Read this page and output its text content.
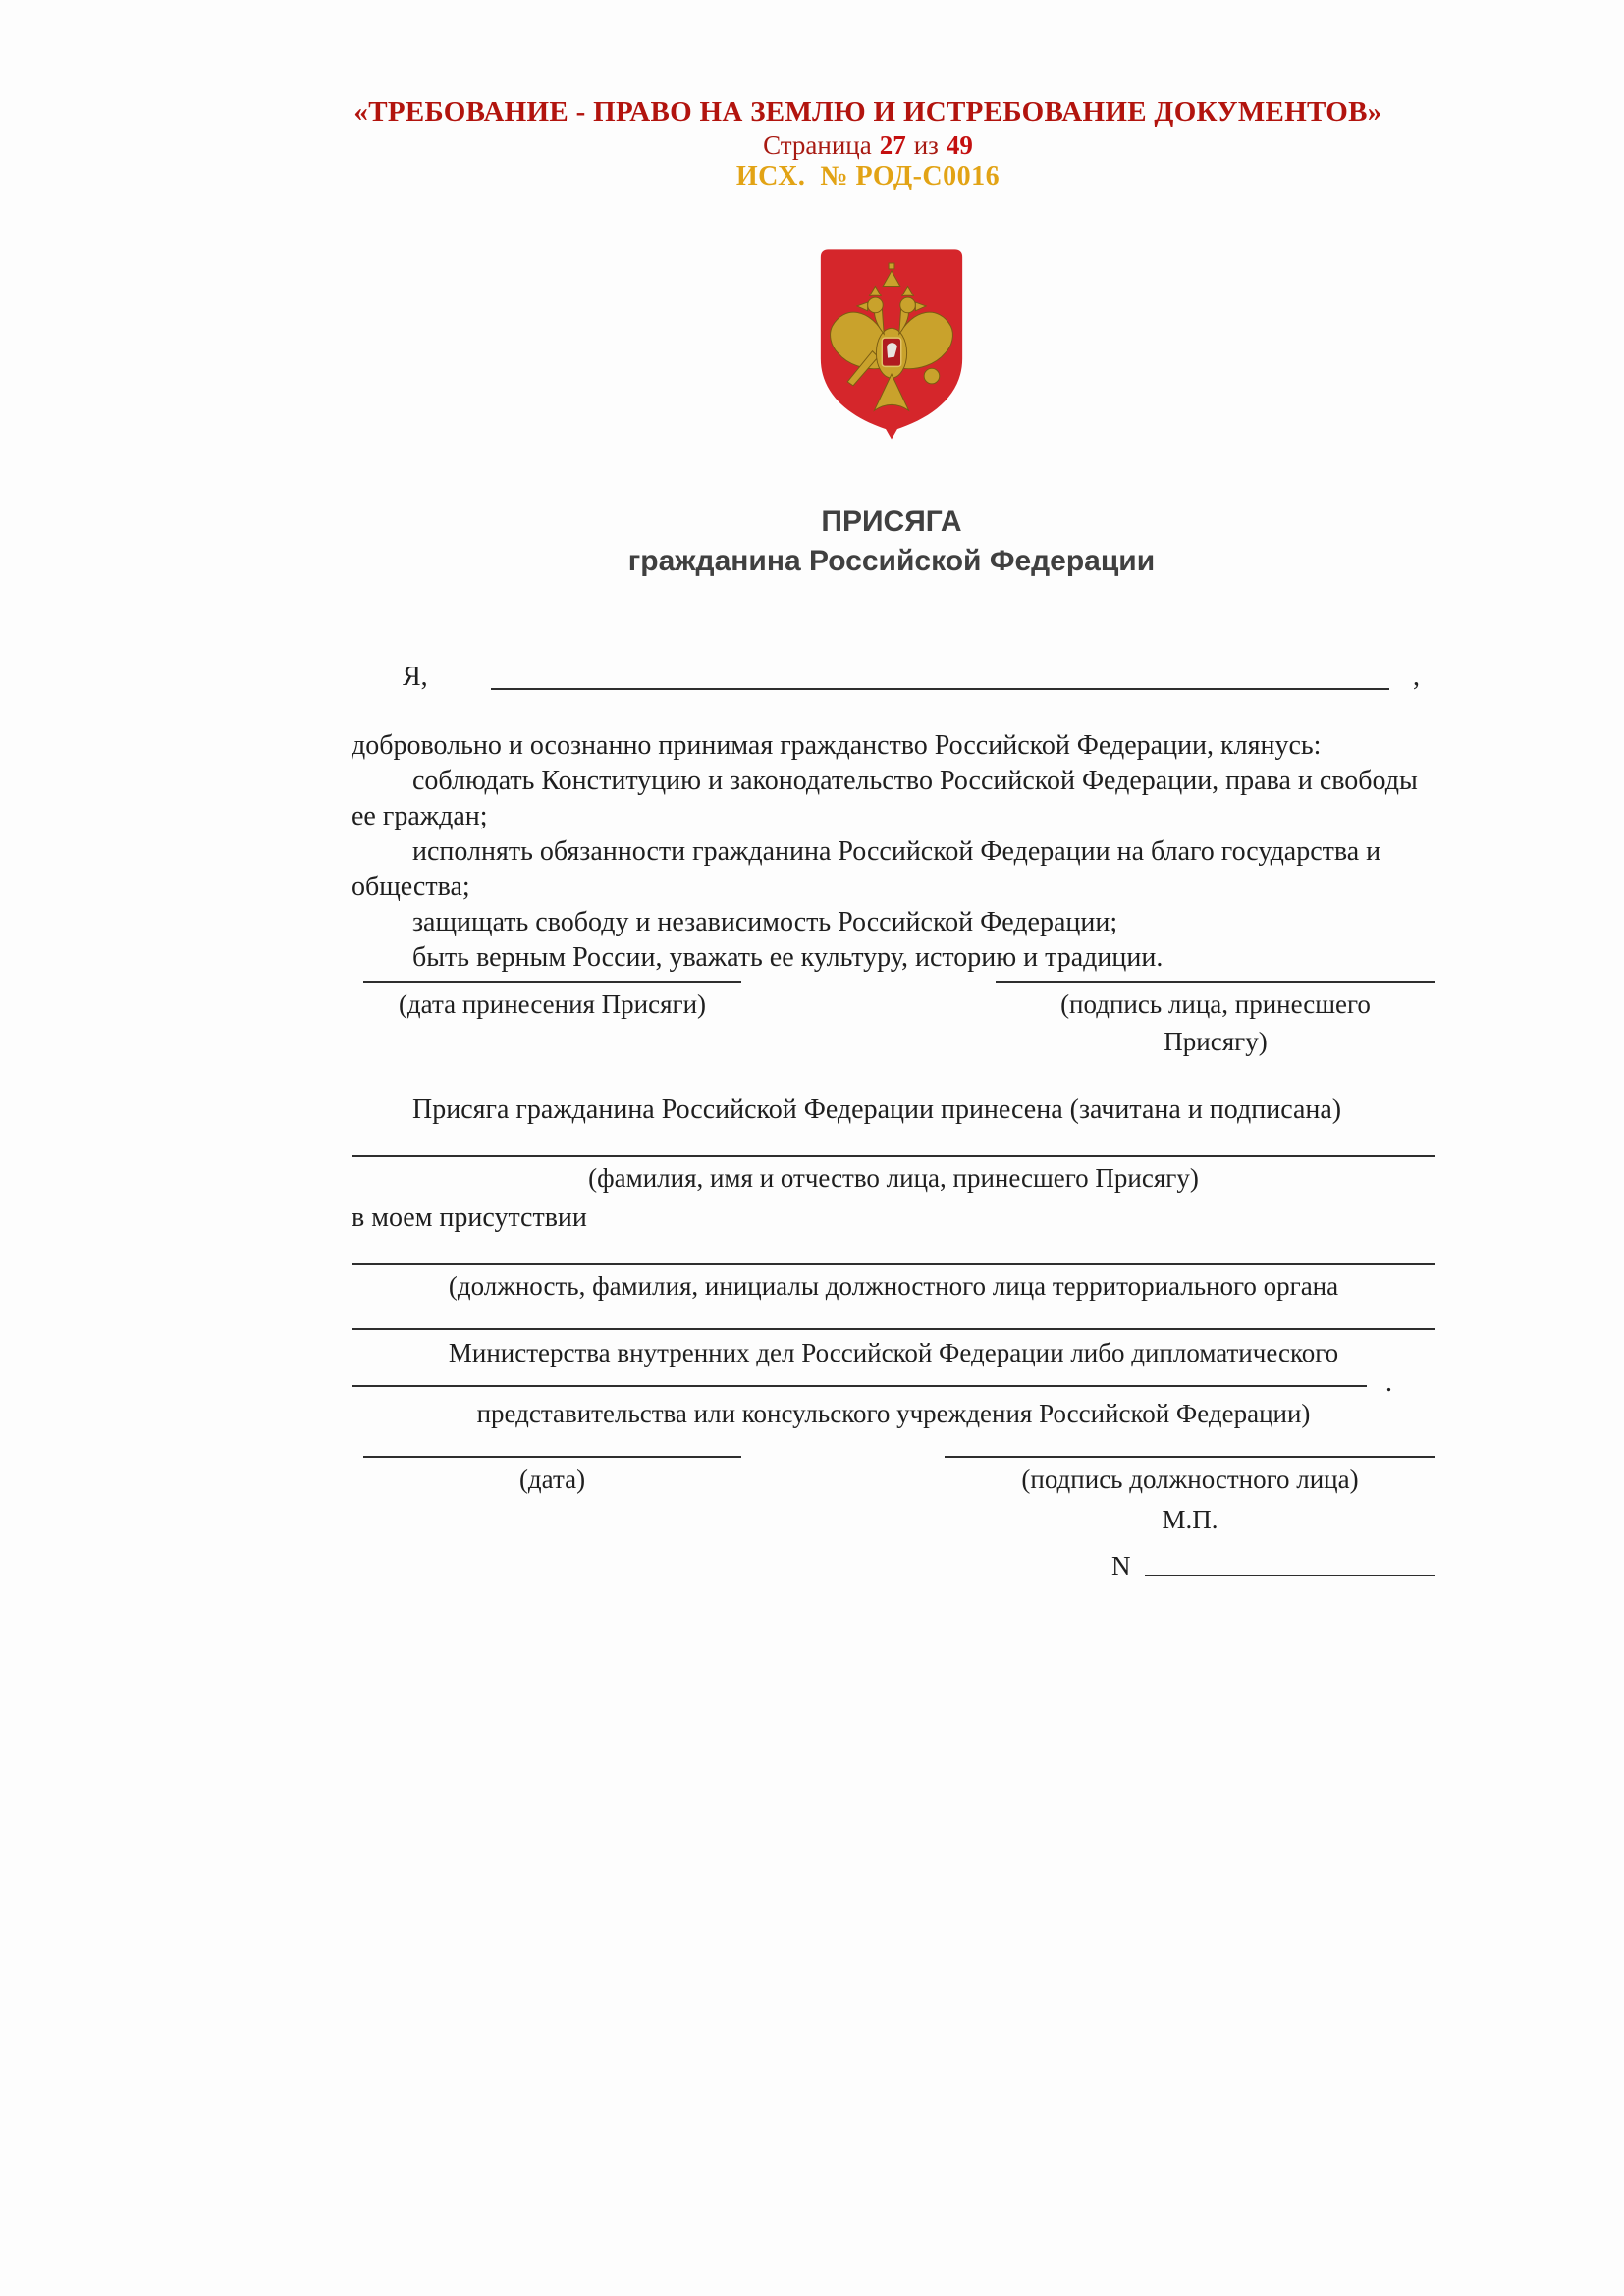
«ТРЕБОВАНИЕ - ПРАВО НА ЗЕМЛЮ И ИСТРЕБОВАНИЕ ДОКУМЕНТОВ»
Страница 27 из 49
ИСХ.  № РОД-С0016
ПРИСЯГА
гражданина Российской Федерации
Я,	,

добровольно и осознанно принимая гражданство Российской Федерации, клянусь:

соблюдать Конституцию и законодательство Российской Федерации, права и свободы ее граждан;

исполнять обязанности гражданина Российской Федерации на благо государства и общества;

защищать свободу и независимость Российской Федерации;

быть верным России, уважать ее культуру, историю и традиции.

(дата принесения Присяги)	(подпись лица, принесшего
Присягу)

Присяга гражданина Российской Федерации принесена (зачитана и подписана)

(фамилия, имя и отчество лица, принесшего Присягу)

в моем присутствии

(должность, фамилия, инициалы должностного лица территориального органа
Министерства внутренних дел Российской Федерации либо дипломатического
.
представительства или консульского учреждения Российской Федерации)
(дата)	(подпись должностного лица)
М.П.
N
